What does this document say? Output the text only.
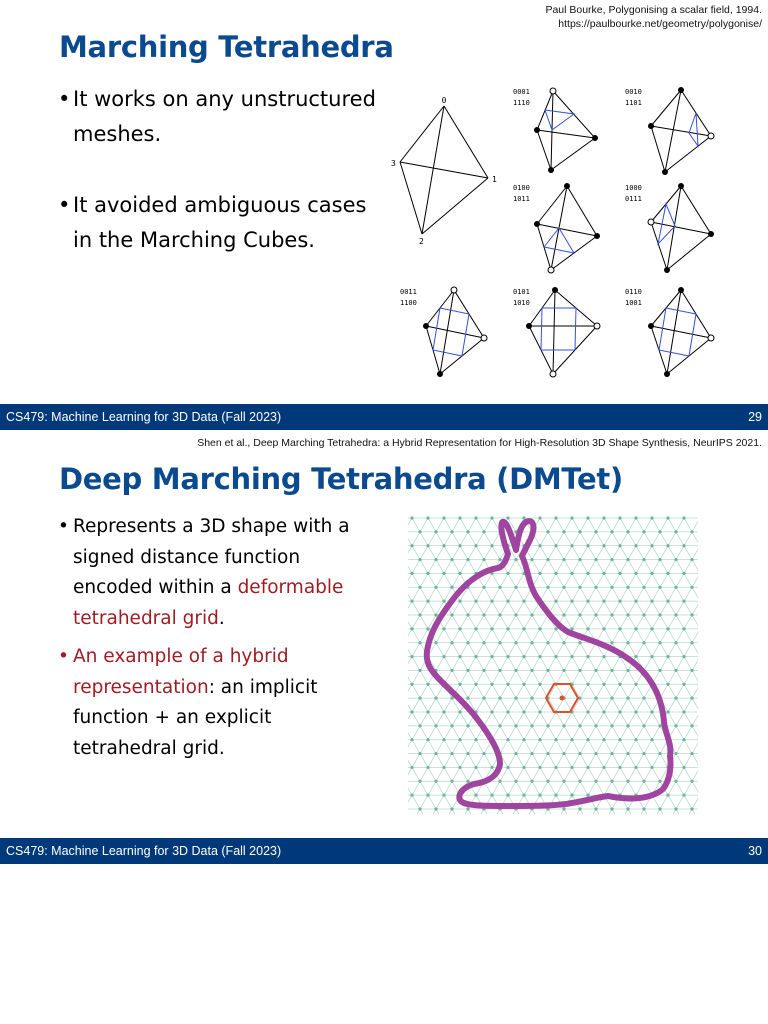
Paul Bourke, Polygonising a scalar field, 1994.
https://paulbourke.net/geometry/polygonise/
Marching Tetrahedra
• It works on any unstructured meshes.
• It avoided ambiguous cases in the Marching Cubes.
0
1
2
3
0001
1110
0010
1101
0100
1011
1000
0111
0011
1100
0101
1010
0110
1001
CS479: Machine Learning for 3D Data (Fall 2023)	29
Shen et al., Deep Marching Tetrahedra: a Hybrid Representation for High-Resolution 3D Shape Synthesis, NeurIPS 2021.
Deep Marching Tetrahedra (DMTet)
• Represents a 3D shape with a
signed distance function
encoded within a deformable
tetrahedral grid.
• An example of a hybrid
representation: an implicit
function + an explicit
tetrahedral grid.
CS479: Machine Learning for 3D Data (Fall 2023)	30
